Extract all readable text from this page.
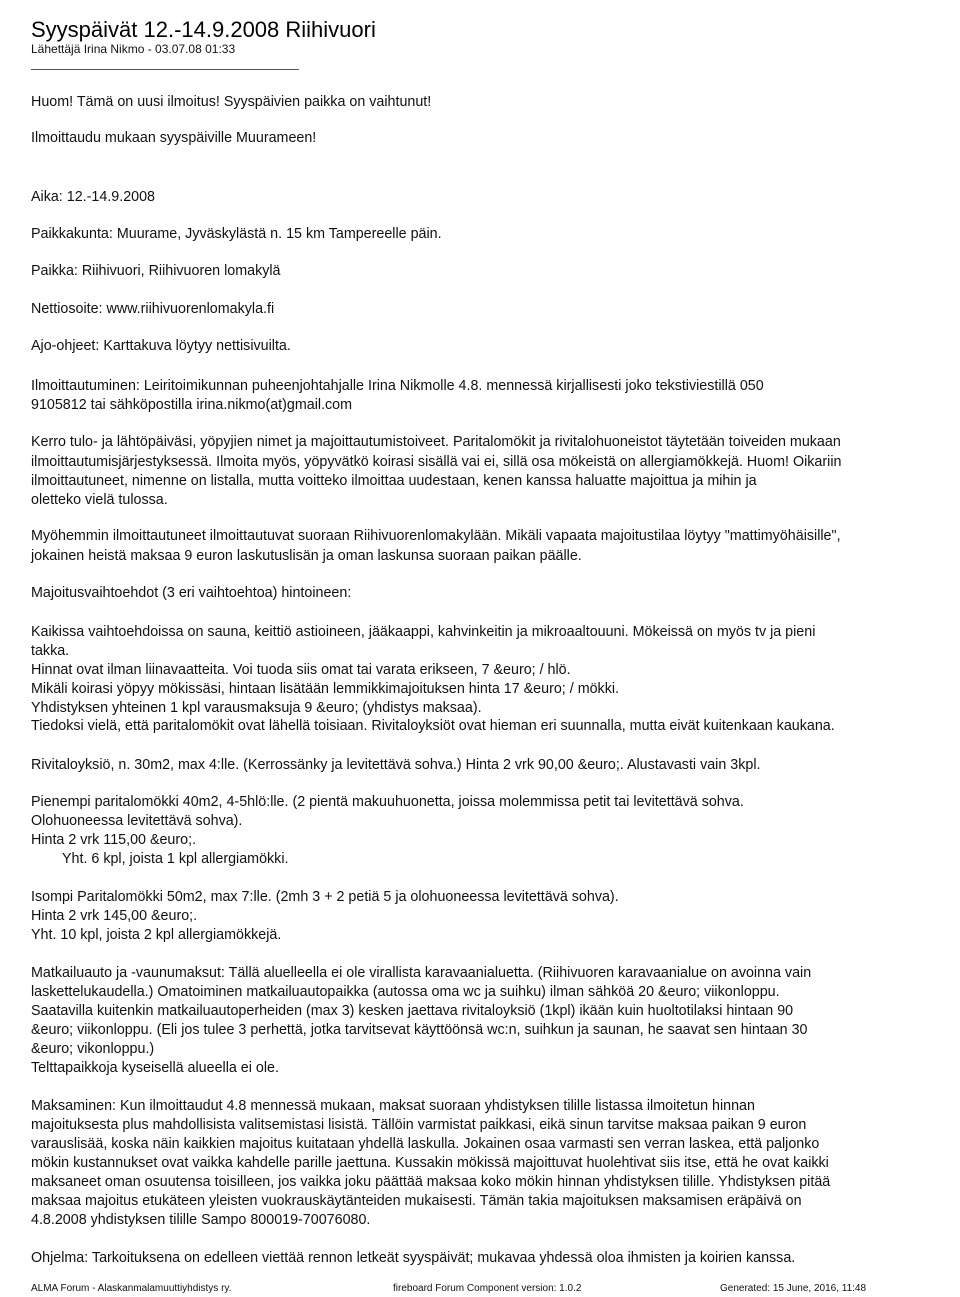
Syyspäivät 12.-14.9.2008 Riihivuori
Lähettäjä Irina Nikmo - 03.07.08 01:33

Huom! Tämä on uusi ilmoitus! Syyspäivien paikka on vaihtunut!

Ilmoittaudu mukaan syyspäiville Muurameen!

Aika: 12.-14.9.2008

Paikkakunta: Muurame, Jyväskylästä n. 15 km Tampereelle päin.

Paikka: Riihivuori, Riihivuoren lomakylä

Nettiosoite: www.riihivuorenlomakyla.fi

Ajo-ohjeet: Karttakuva löytyy nettisivuilta.

Ilmoittautuminen: Leiritoimikunnan puheenjohtahjalle Irina Nikmolle 4.8. mennessä kirjallisesti joko tekstiviestillä 050

9105812 tai sähköpostilla irina.nikmo(at)gmail.com

Kerro tulo- ja lähtöpäiväsi, yöpyjien nimet ja majoittautumistoiveet. Paritalomökit ja rivitalohuoneistot täytetään toiveiden mukaan

ilmoittautumisjärjestyksessä. Ilmoita myös, yöpyvätkö koirasi sisällä vai ei, sillä osa mökeistä on allergiamökkejä. Huom! Oikariin

ilmoittautuneet, nimenne on listalla, mutta voitteko ilmoittaa uudestaan, kenen kanssa haluatte majoittua ja mihin ja

oletteko vielä tulossa.

Myöhemmin ilmoittautuneet ilmoittautuvat suoraan Riihivuorenlomakylään. Mikäli vapaata majoitustilaa löytyy "mattimyöhäisille",

jokainen heistä maksaa 9 euron laskutuslisän ja oman laskunsa suoraan paikan päälle.

Majoitusvaihtoehdot (3 eri vaihtoehtoa) hintoineen:

Kaikissa vaihtoehdoissa on sauna, keittiö astioineen, jääkaappi, kahvinkeitin ja mikroaaltouuni. Mökeissä on myös tv ja pieni

takka.

Hinnat ovat ilman liinavaatteita. Voi tuoda siis omat tai varata erikseen, 7 &euro; / hlö.

Mikäli koirasi yöpyy mökissäsi, hintaan lisätään lemmikkimajoituksen hinta 17 &euro; / mökki.

Yhdistyksen yhteinen 1 kpl varausmaksuja 9 &euro; (yhdistys maksaa).

Tiedoksi vielä, että paritalomökit ovat lähellä toisiaan. Rivitaloyksiöt ovat hieman eri suunnalla, mutta eivät kuitenkaan kaukana.

Rivitaloyksiö, n. 30m2, max 4:lle. (Kerrossänky ja levitettävä sohva.) Hinta 2 vrk 90,00 &euro;. Alustavasti vain 3kpl.

Pienempi paritalomökki 40m2, 4-5hlö:lle. (2 pientä makuuhuonetta, joissa molemmissa petit tai levitettävä sohva.

Olohuoneessa levitettävä sohva).

Hinta 2 vrk 115,00 &euro;.

Yht. 6 kpl, joista 1 kpl allergiamökki.

Isompi Paritalomökki 50m2, max 7:lle. (2mh 3 + 2 petiä 5 ja olohuoneessa levitettävä sohva).

Hinta 2 vrk 145,00 &euro;.

Yht. 10 kpl, joista 2 kpl allergiamökkejä.

Matkailuauto ja -vaunumaksut: Tällä aluelleella ei ole virallista karavaanialuetta. (Riihivuoren karavaanialue on avoinna vain

laskettelukaudella.) Omatoiminen matkailuautopaikka (autossa oma wc ja suihku) ilman sähköä 20 &euro; viikonloppu.

Saatavilla kuitenkin matkailuautoperheiden (max 3) kesken jaettava rivitaloyksiö (1kpl) ikään kuin huoltotilaksi hintaan 90

&euro; viikonloppu. (Eli jos tulee 3 perhettä, jotka tarvitsevat käyttöönsä wc:n, suihkun ja saunan, he saavat sen hintaan 30

&euro; vikonloppu.)

Telttapaikkoja kyseisellä alueella ei ole.

Maksaminen: Kun ilmoittaudut 4.8 mennessä mukaan, maksat suoraan yhdistyksen tilille listassa ilmoitetun hinnan

majoituksesta plus mahdollisista valitsemistasi lisistä. Tällöin varmistat paikkasi, eikä sinun tarvitse maksaa paikan 9 euron

varauslisää, koska näin kaikkien majoitus kuitataan yhdellä laskulla. Jokainen osaa varmasti sen verran laskea, että paljonko

mökin kustannukset ovat vaikka kahdelle parille jaettuna. Kussakin mökissä majoittuvat huolehtivat siis itse, että he ovat kaikki

maksaneet oman osuutensa toisilleen, jos vaikka joku päättää maksaa koko mökin hinnan yhdistyksen tilille. Yhdistyksen pitää

maksaa majoitus etukäteen yleisten vuokrauskäytänteiden mukaisesti. Tämän takia majoituksen maksamisen eräpäivä on

4.8.2008 yhdistyksen tilille Sampo 800019-70076080.

Ohjelma: Tarkoituksena on edelleen viettää rennon letkeät syyspäivät; mukavaa yhdessä oloa ihmisten ja koirien kanssa.

ALMA Forum - Alaskanmalamuuttiyhdistys ry.	fireboard Forum Component version: 1.0.2	Generated: 15 June, 2016, 11:48
